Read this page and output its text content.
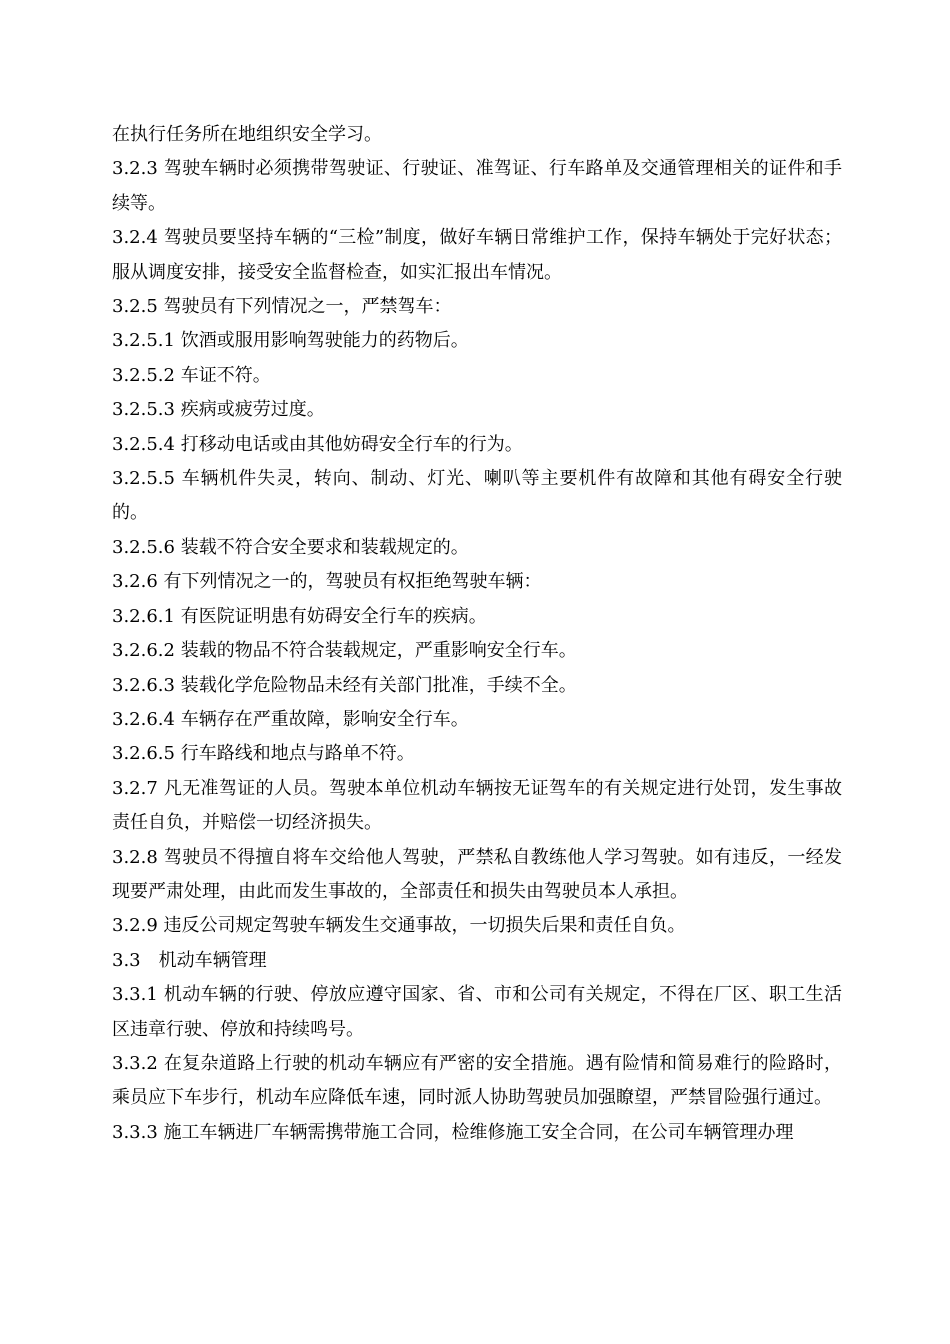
在执行任务所在地组织安全学习。

3.2.3 驾驶车辆时必须携带驾驶证、行驶证、准驾证、行车路单及交通管理相关的证件和手续等。

3.2.4 驾驶员要坚持车辆的“三检”制度，做好车辆日常维护工作，保持车辆处于完好状态；服从调度安排，接受安全监督检查，如实汇报出车情况。

3.2.5 驾驶员有下列情况之一，严禁驾车：

3.2.5.1 饮酒或服用影响驾驶能力的药物后。

3.2.5.2 车证不符。

3.2.5.3 疾病或疲劳过度。

3.2.5.4 打移动电话或由其他妨碍安全行车的行为。

3.2.5.5 车辆机件失灵，转向、制动、灯光、喇叭等主要机件有故障和其他有碍安全行驶的。

3.2.5.6 装载不符合安全要求和装载规定的。

3.2.6 有下列情况之一的，驾驶员有权拒绝驾驶车辆：

3.2.6.1 有医院证明患有妨碍安全行车的疾病。

3.2.6.2 装载的物品不符合装载规定，严重影响安全行车。

3.2.6.3 装载化学危险物品未经有关部门批准，手续不全。

3.2.6.4 车辆存在严重故障，影响安全行车。

3.2.6.5 行车路线和地点与路单不符。

3.2.7 凡无准驾证的人员。驾驶本单位机动车辆按无证驾车的有关规定进行处罚，发生事故责任自负，并赔偿一切经济损失。

3.2.8 驾驶员不得擅自将车交给他人驾驶，严禁私自教练他人学习驾驶。如有违反，一经发现要严肃处理，由此而发生事故的，全部责任和损失由驾驶员本人承担。

3.2.9 违反公司规定驾驶车辆发生交通事故，一切损失后果和责任自负。

3.3　机动车辆管理

3.3.1 机动车辆的行驶、停放应遵守国家、省、市和公司有关规定，不得在厂区、职工生活区违章行驶、停放和持续鸣号。

3.3.2 在复杂道路上行驶的机动车辆应有严密的安全措施。遇有险情和简易难行的险路时，乘员应下车步行，机动车应降低车速，同时派人协助驾驶员加强瞭望，严禁冒险强行通过。

3.3.3 施工车辆进厂车辆需携带施工合同，检维修施工安全合同，在公司车辆管理办理
